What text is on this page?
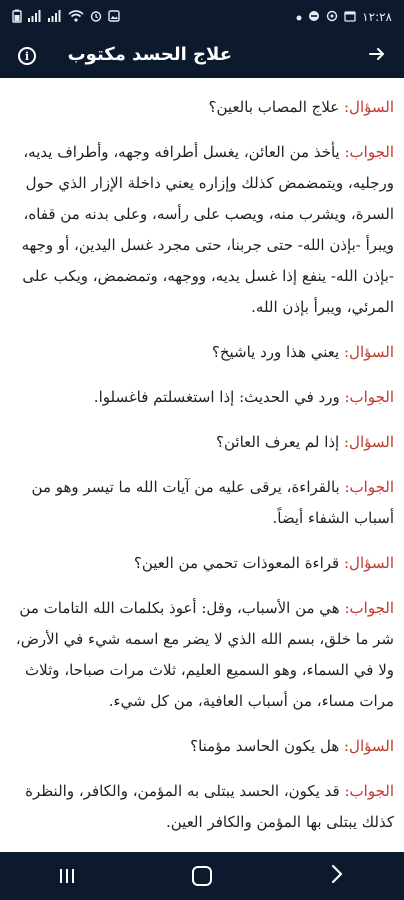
١٢:٢٨
i	علاج الحسد مكتوب

السؤال: علاج المصاب بالعين؟

الجواب: يأخذ من العائن، يغسل أطرافه وجهه، وأطراف يديه، ورجليه، ويتمضمض كذلك وإزاره يعني داخلة الإزار الذي حول السرة، ويشرب منه، ويصب على رأسه، وعلى بدنه من قفاه، ويبرأ -بإذن الله- حتى جربنا، حتى مجرد غسل اليدين، أو وجهه -بإذن الله- ينفع إذا غسل يديه، ووجهه، وتمضمض، ويكب على المرئي، ويبرأ بإذن الله.

السؤال: يعني هذا ورد ياشيخ؟

الجواب: ورد في الحديث: إذا استغسلتم فاغسلوا.

السؤال: إذا لم يعرف العائن؟

الجواب: بالقراءة، يرقى عليه من آيات الله ما تيسر وهو من أسباب الشفاء أيضاً.

السؤال: قراءة المعوذات تحمي من العين؟

الجواب: هي من الأسباب، وقل: أعوذ بكلمات الله التامات من شر ما خلق، بسم الله الذي لا يضر مع اسمه شيء في الأرض، ولا في السماء، وهو السميع العليم، ثلاث مرات صباحا، وثلاث مرات مساء، من أسباب العافية، من كل شيء.

السؤال: هل يكون الحاسد مؤمنا؟

الجواب: قد يكون، الحسد يبتلى به المؤمن، والكافر، والنظرة كذلك يبتلى بها المؤمن والكافر العين.
